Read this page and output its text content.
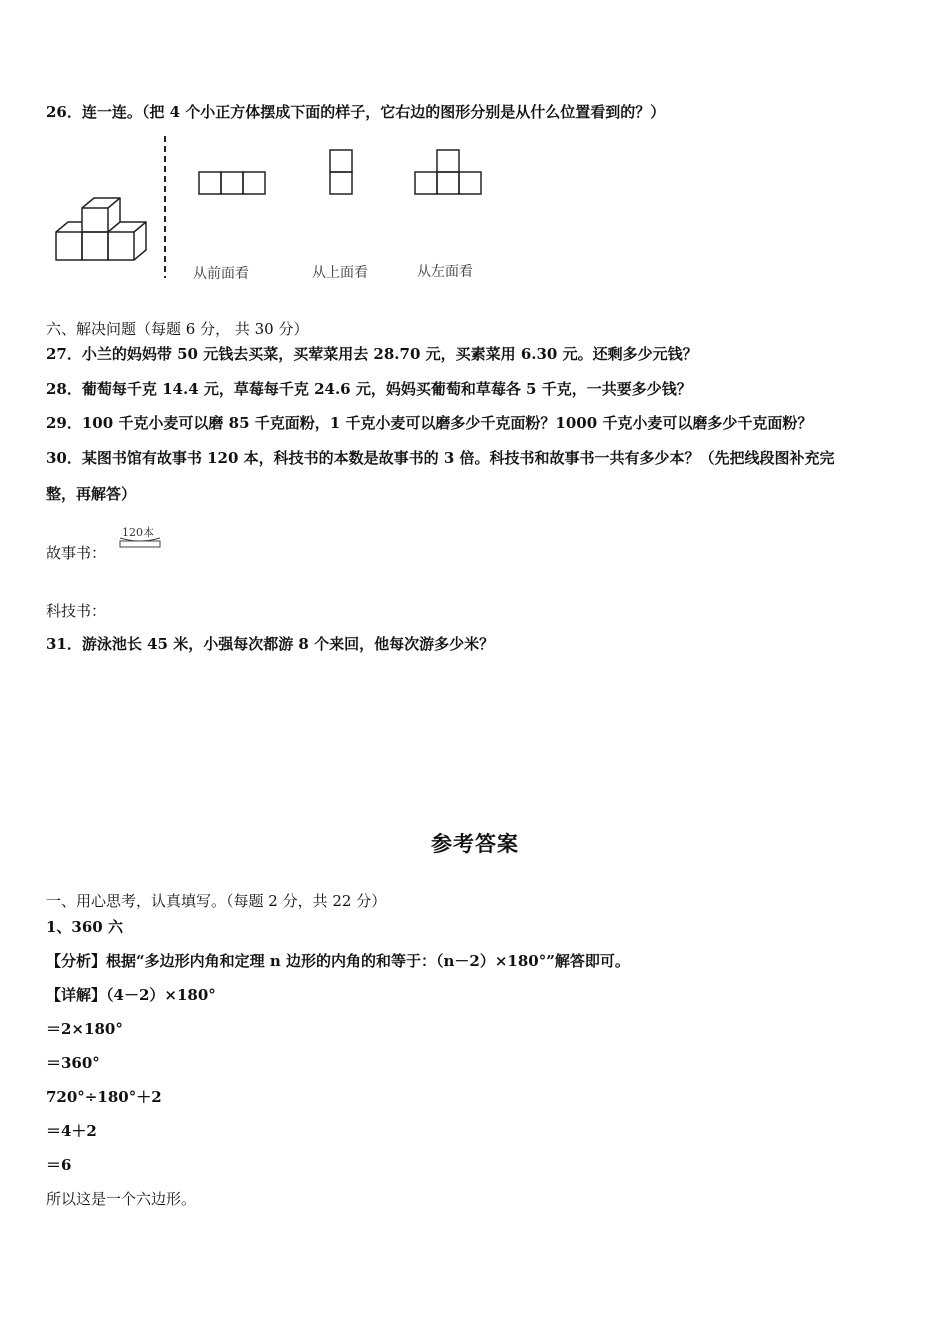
26．连一连。（把 4 个小正方体摆成下面的样子，它右边的图形分别是从什么位置看到的？）
从前面看	从上面看	从左面看
六、解决问题（每题 6 分， 共 30 分）
27．小兰的妈妈带 50 元钱去买菜，买荤菜用去 28.70 元，买素菜用 6.30 元。还剩多少元钱？
28．葡萄每千克 14.4 元，草莓每千克 24.6 元，妈妈买葡萄和草莓各 5 千克，一共要多少钱？
29．100 千克小麦可以磨 85 千克面粉，1 千克小麦可以磨多少千克面粉？1000 千克小麦可以磨多少千克面粉？
30．某图书馆有故事书 120 本，科技书的本数是故事书的 3 倍。科技书和故事书一共有多少本？（先把线段图补充完
整，再解答）
120本
故事书：
科技书：
31．游泳池长 45 米，小强每次都游 8 个来回，他每次游多少米？
参考答案
一、用心思考，认真填写。（每题 2 分，共 22 分）
1、360 六
【分析】根据“多边形内角和定理 n 边形的内角的和等于：（n－2）×180°”解答即可。
【详解】（4－2）×180°
＝2×180°
＝360°
720°÷180°＋2
＝4＋2
＝6
所以这是一个六边形。
